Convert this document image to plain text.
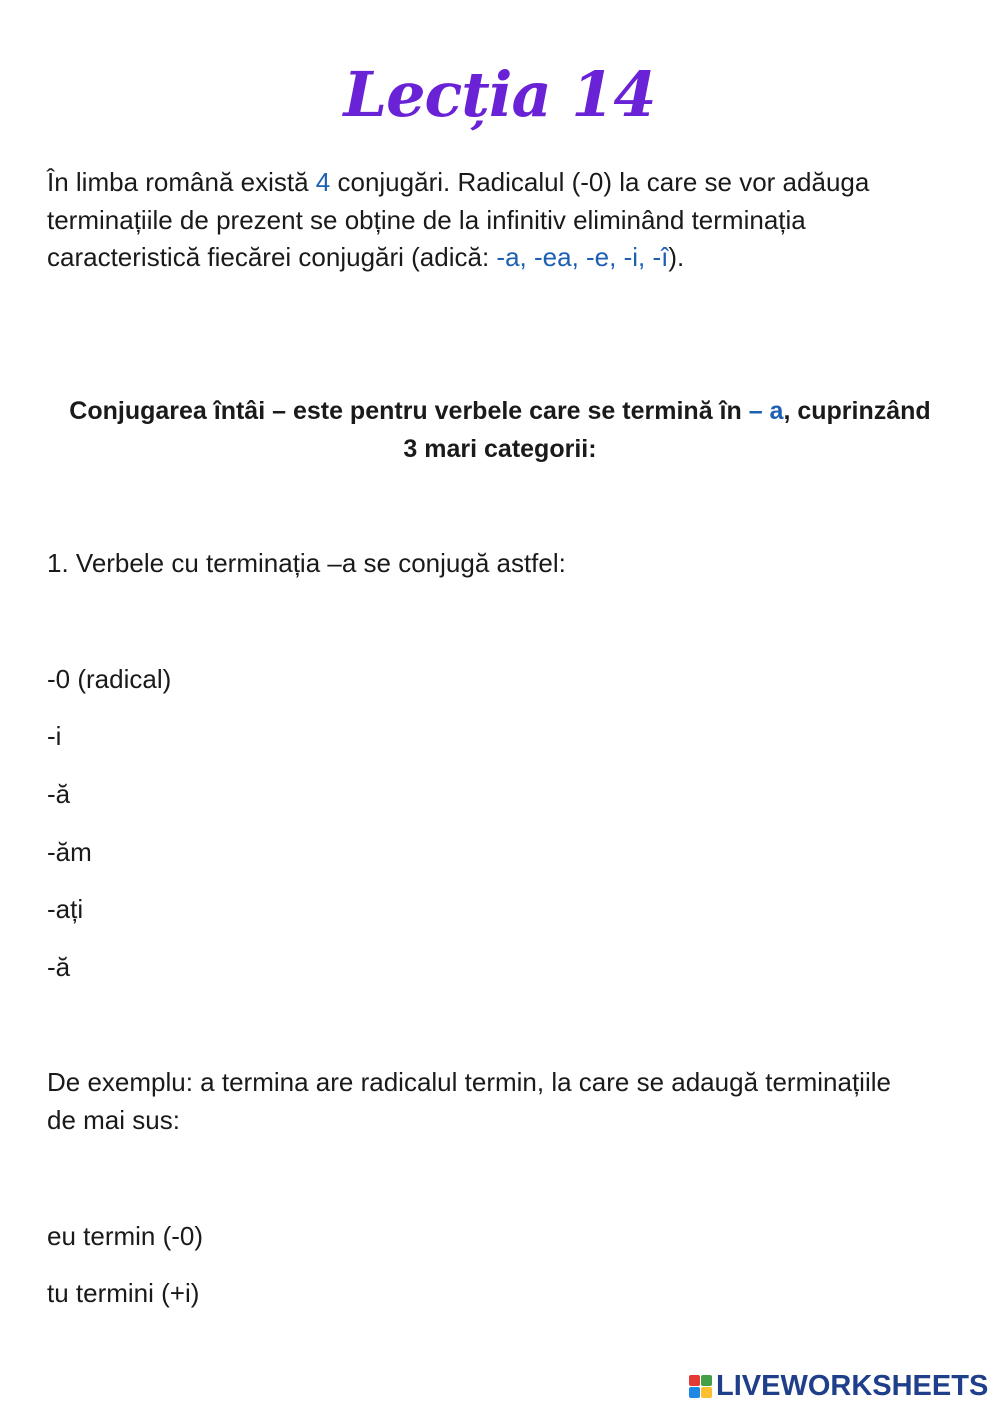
Lecția 14
În limba română există 4 conjugări. Radicalul (-0) la care se vor adăuga terminațiile de prezent se obține de la infinitiv eliminând terminația caracteristică fiecărei conjugări (adică: -a, -ea, -e, -i, -î).
Conjugarea întâi – este pentru verbele care se termină în – a, cuprinzând 3 mari categorii:
1. Verbele cu terminația –a se conjugă astfel:
-0 (radical)
-i
-ă
-ăm
-ați
-ă
De exemplu: a termina are radicalul termin, la care se adaugă terminațiile de mai sus:
eu termin (-0)
tu termini (+i)
LIVEWORKSHEETS
